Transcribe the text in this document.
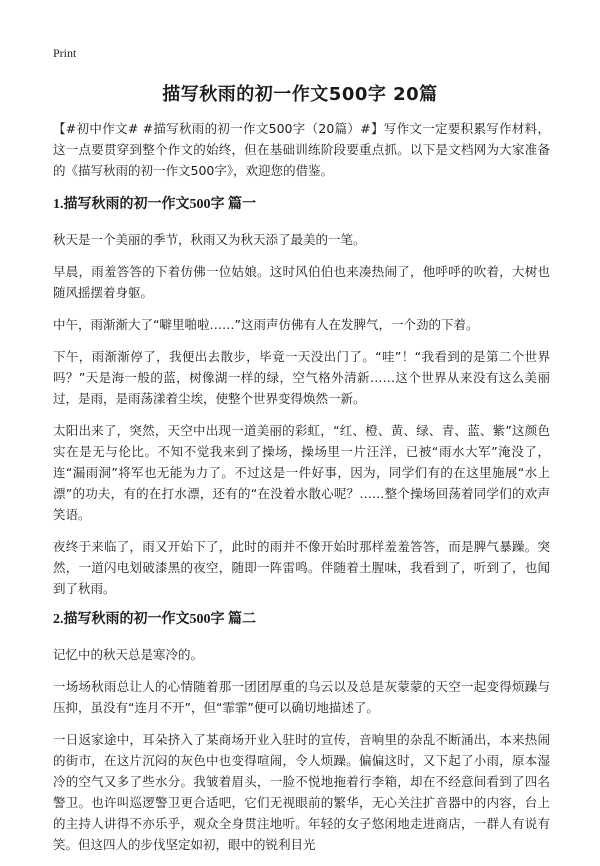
Print
描写秋雨的初一作文500字 20篇

【#初中作文# #描写秋雨的初一作文500字（20篇）#】写作文一定要积累写作材料，这一点要贯穿到整个作文的始终，但在基础训练阶段要重点抓。以下是文档网为大家准备的《描写秋雨的初一作文500字》，欢迎您的借鉴。

1.描写秋雨的初一作文500字 篇一

秋天是一个美丽的季节，秋雨又为秋天添了最美的一笔。

早晨，雨羞答答的下着仿佛一位姑娘。这时风伯伯也来凑热闹了，他呼呼的吹着，大树也随风摇摆着身躯。

中午，雨渐渐大了“噼里啪啦……”这雨声仿佛有人在发脾气，一个劲的下着。

下午，雨渐渐停了，我便出去散步，毕竟一天没出门了。“哇”！“我看到的是第二个世界吗？”天是海一般的蓝，树像湖一样的绿，空气格外清新……这个世界从来没有这么美丽过，是雨，是雨荡漾着尘埃，使整个世界变得焕然一新。

太阳出来了，突然，天空中出现一道美丽的彩虹，“红、橙、黄、绿、青、蓝、紫”这颜色实在是无与伦比。不知不觉我来到了操场，操场里一片汪洋，已被“雨水大军”淹没了，连“漏雨洞”将军也无能为力了。不过这是一件好事，因为，同学们有的在这里施展“水上漂”的功夫，有的在打水漂，还有的“在没着水散心呢？……整个操场回荡着同学们的欢声笑语。

夜终于来临了，雨又开始下了，此时的雨并不像开始时那样羞羞答答，而是脾气暴躁。突然，一道闪电划破漆黑的夜空，随即一阵雷鸣。伴随着土腥味，我看到了，听到了，也闻到了秋雨。

2.描写秋雨的初一作文500字 篇二

记忆中的秋天总是寒冷的。

一场场秋雨总让人的心情随着那一团团厚重的乌云以及总是灰蒙蒙的天空一起变得烦躁与压抑，虽没有“连月不开”，但“霏霏”便可以确切地描述了。

一日返家途中，耳朵挤入了某商场开业入驻时的宣传，音响里的杂乱不断涌出，本来热闹的街市，在这片沉闷的灰色中也变得喧闹，令人烦躁。偏偏这时，又下起了小雨，原本湿冷的空气又多了些水分。我皱着眉头，一脸不悦地拖着行李箱，却在不经意间看到了四名警卫。也许叫巡逻警卫更合适吧，它们无视眼前的繁华，无心关注扩音器中的内容，台上的主持人讲得不亦乐乎，观众全身贯注地听。年轻的女子悠闲地走进商店，一群人有说有笑。但这四人的步伐坚定如初，眼中的锐利目光
